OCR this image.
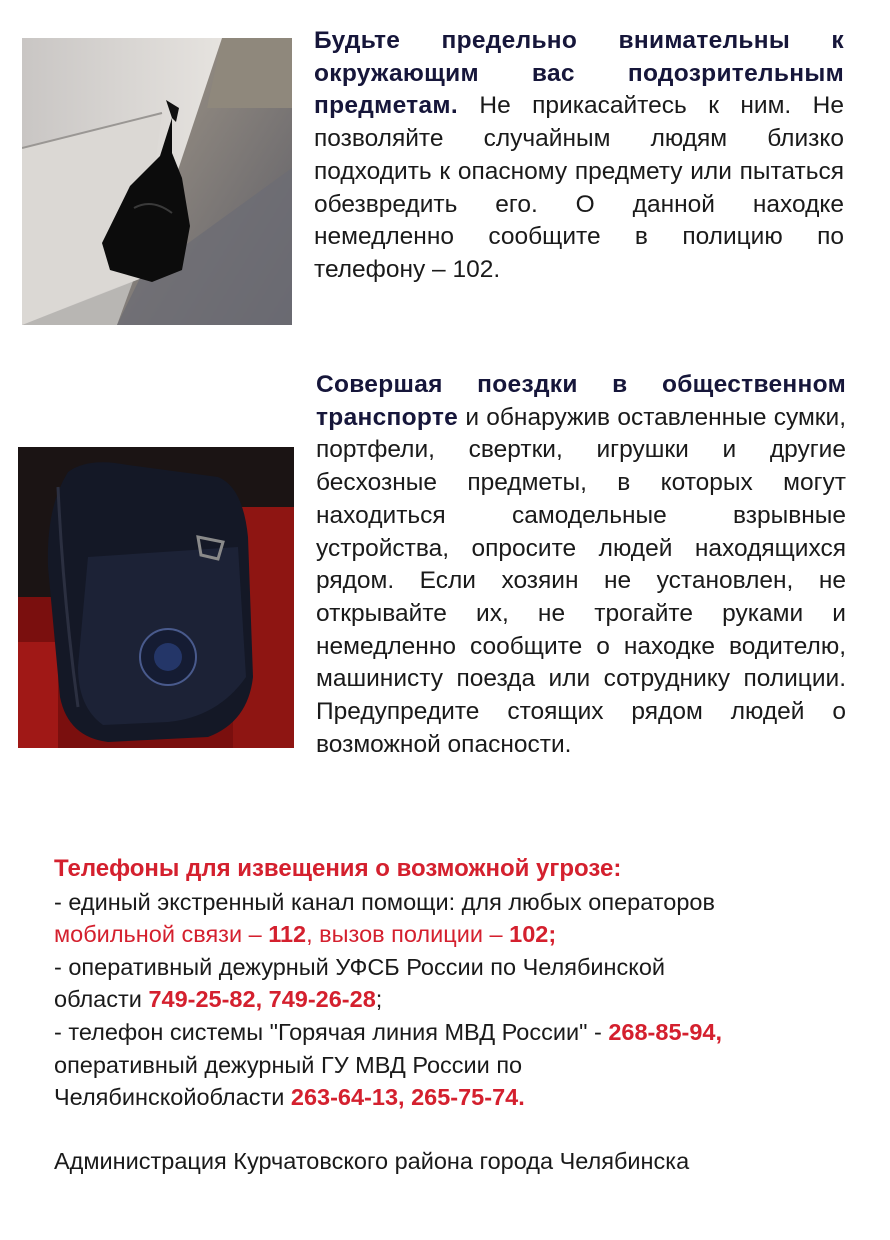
Будьте предельно внимательны к окружающим вас подозрительным предметам. Не прикасайтесь к ним. Не позволяйте случайным людям близко подходить к опасному предмету или пытаться обезвредить его. О данной находке немедленно сообщите в полицию по телефону – 102.

Совершая поездки в общественном транспорте и обнаружив оставленные сумки, портфели, свертки, игрушки и другие бесхозные предметы, в которых могут находиться самодельные взрывные устройства, опросите людей находящихся рядом. Если хозяин не установлен, не открывайте их, не трогайте руками и немедленно сообщите о находке водителю, машинисту поезда или сотруднику полиции. Предупредите стоящих рядом людей о возможной опасности.

Телефоны для извещения о возможной угрозе:
- единый экстренный канал помощи: для любых операторов
мобильной связи – 112, вызов полиции – 102;
- оперативный дежурный УФСБ России по Челябинской
области 749-25-82, 749-26-28;
- телефон системы "Горячая линия МВД России" - 268-85-94,
оперативный дежурный ГУ МВД России по
Челябинскойобласти 263-64-13, 265-75-74.
Администрация Курчатовского района города Челябинска
